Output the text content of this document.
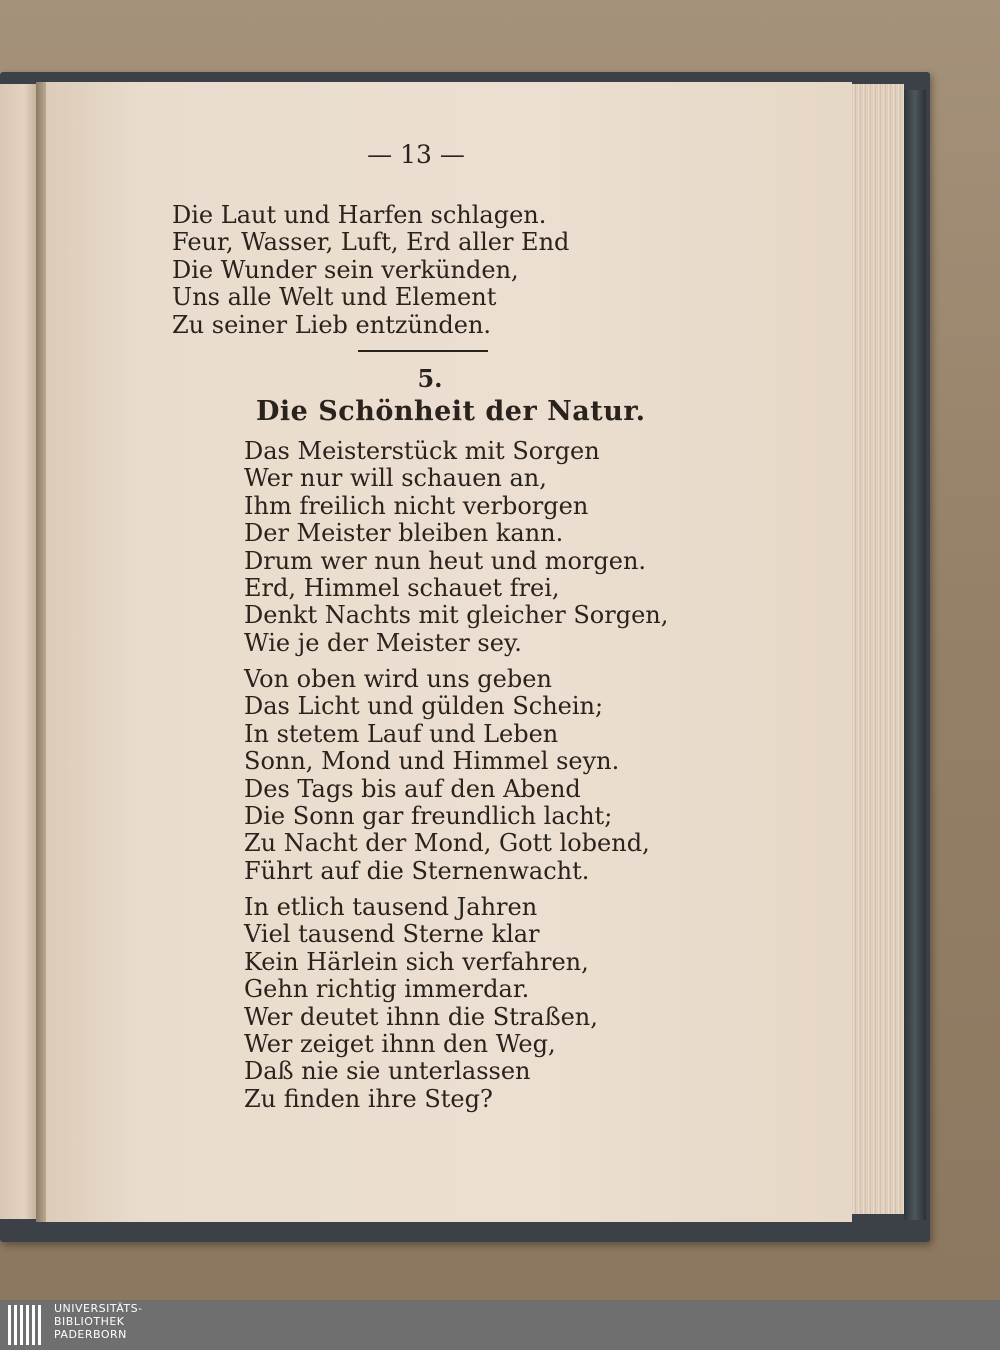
— 13 —
Die Laut und Harfen schlagen.
Feur, Wasser, Luft, Erd aller End
Die Wunder sein verkünden,
Uns alle Welt und Element
Zu seiner Lieb entzünden.
5.
Die Schönheit der Natur.
Das Meisterstück mit Sorgen
Wer nur will schauen an,
Ihm freilich nicht verborgen
Der Meister bleiben kann.
Drum wer nun heut und morgen.
Erd, Himmel schauet frei,
Denkt Nachts mit gleicher Sorgen,
Wie je der Meister sey.
Von oben wird uns geben
Das Licht und gülden Schein;
In stetem Lauf und Leben
Sonn, Mond und Himmel seyn.
Des Tags bis auf den Abend
Die Sonn gar freundlich lacht;
Zu Nacht der Mond, Gott lobend,
Führt auf die Sternenwacht.
In etlich tausend Jahren
Viel tausend Sterne klar
Kein Härlein sich verfahren,
Gehn richtig immerdar.
Wer deutet ihnn die Straßen,
Wer zeiget ihnn den Weg,
Daß nie sie unterlassen
Zu finden ihre Steg?
UNIVERSITÄTS-
BIBLIOTHEK
PADERBORN
